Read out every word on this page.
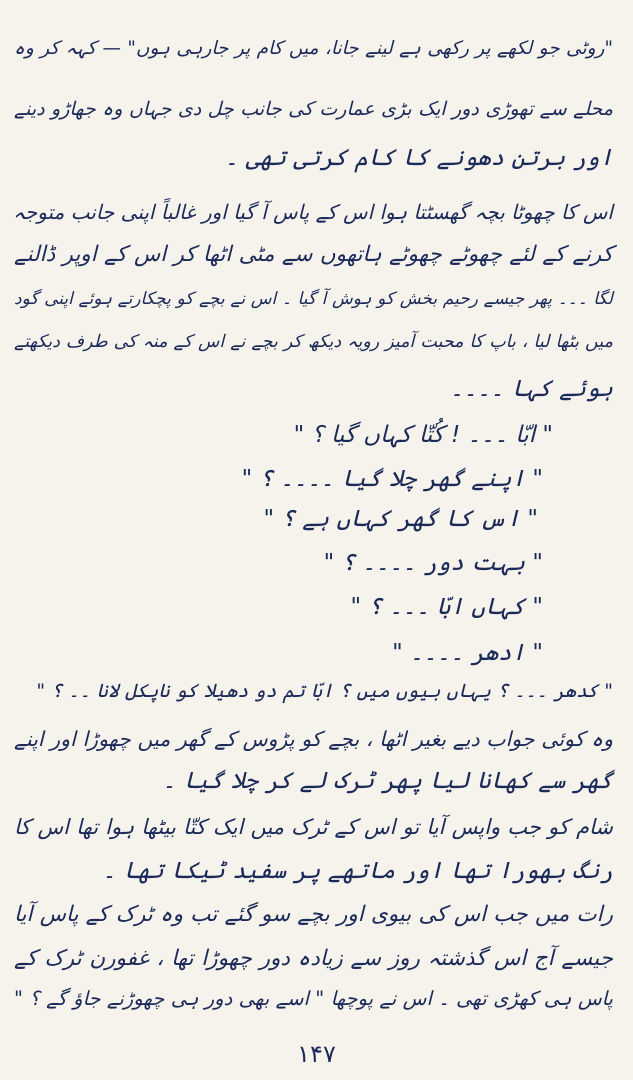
"روٹی جو لکھے پر رکھی ہے لینے جانا، میں کام پر جارہی ہوں" — کہہ کر وہ
محلے سے تھوڑی دور ایک بڑی عمارت کی جانب چل دی جہاں وہ جھاڑو دینے
اور برتن دھونے کا کام کرتی تھی ۔
اس کا چھوٹا بچہ گھسٹتا ہوا اس کے پاس آ گیا اور غالباً اپنی جانب متوجہ
کرنے کے لئے چھوٹے چھوٹے ہاتھوں سے مٹی اٹھا کر اس کے اوپر ڈالنے
لگا ۔۔۔ پھر جیسے رحیم بخش کو ہوش آ گیا ۔ اس نے بچے کو پچکارتے ہوئے اپنی گود
میں بٹھا لیا ، باپ کا محبت آمیز رویہ دیکھ کر بچے نے اس کے منہ کی طرف دیکھتے
ہوئے کہا ۔۔۔۔
" ابّا ۔۔۔ ! کُتّا کہاں گیا ؟ "
" اپنے گھر چلا گیا ۔۔۔۔ ؟ "
" اس کا گھر کہاں ہے ؟ "
" بہت دور ۔۔۔۔ ؟ "
" کہاں ابّا ۔۔۔ ؟ "
" ادھر ۔۔۔۔ "
" کدھر ۔۔۔ ؟ یہاں بیوں میں ؟ ابّا تم دو دھیلا کو ناپکل لانا ۔۔ ؟ "
وہ کوئی جواب دیے بغیر اٹھا ، بچے کو پڑوس کے گھر میں چھوڑا اور اپنے
گھر سے کھانا لیا پھر ٹرک لے کر چلا گیا ۔
شام کو جب واپس آیا تو اس کے ٹرک میں ایک کتّا بیٹھا ہوا تھا اس کا
رنگ بھورا تھا اور ماتھے پر سفید ٹیکا تھا ۔
رات میں جب اس کی بیوی اور بچے سو گئے تب وہ ٹرک کے پاس آیا
جیسے آج اس گذشتہ روز سے زیادہ دور چھوڑا تھا ، غفورن ٹرک کے
پاس ہی کھڑی تھی ۔ اس نے پوچھا " اسے بھی دور ہی چھوڑنے جاؤ گے ؟ "
۱۴۷
